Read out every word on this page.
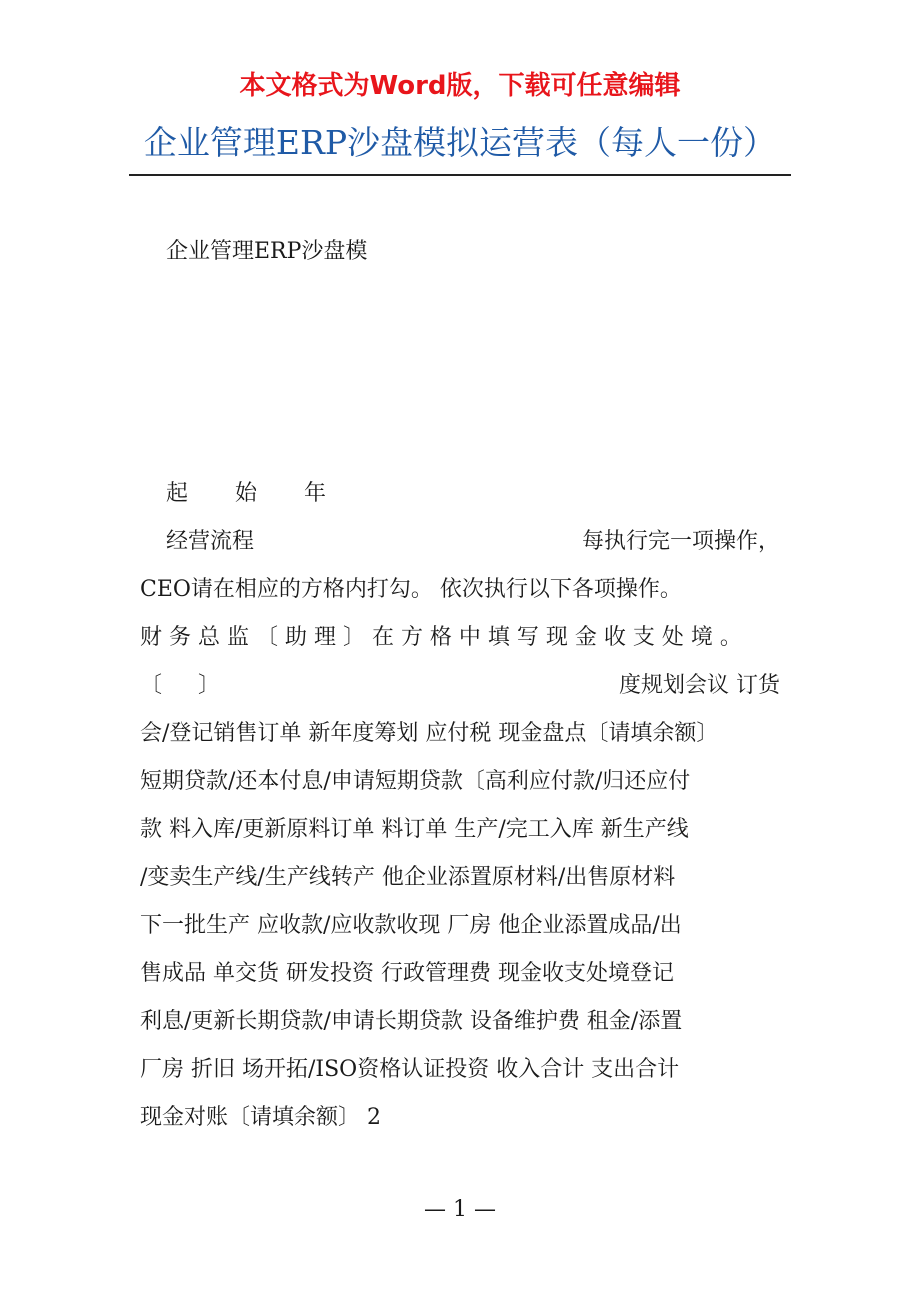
本文格式为Word版，下载可任意编辑
企业管理ERP沙盘模拟运营表（每人一份）
企业管理ERP沙盘模
起 始 年
经营流程	每执行完一项操作，
CEO请在相应的方格内打勾。 依次执行以下各项操作。
财 务 总 监 〔 助 理 〕 在 方 格 中 填 写 现 金 收 支 处 境 。
〔 〕	度规划会议 订货
会/登记销售订单 新年度筹划 应付税 现金盘点〔请填余额〕
短期贷款/还本付息/申请短期贷款〔高利应付款/归还应付
款 料入库/更新原料订单 料订单 生产/完工入库 新生产线
/变卖生产线/生产线转产 他企业添置原材料/出售原材料
下一批生产 应收款/应收款收现 厂房 他企业添置成品/出
售成品 单交货 研发投资 行政管理费 现金收支处境登记
利息/更新长期贷款/申请长期贷款 设备维护费 租金/添置
厂房 折旧 场开拓/ISO资格认证投资 收入合计 支出合计
现金对账〔请填余额〕 2
— 1 —
